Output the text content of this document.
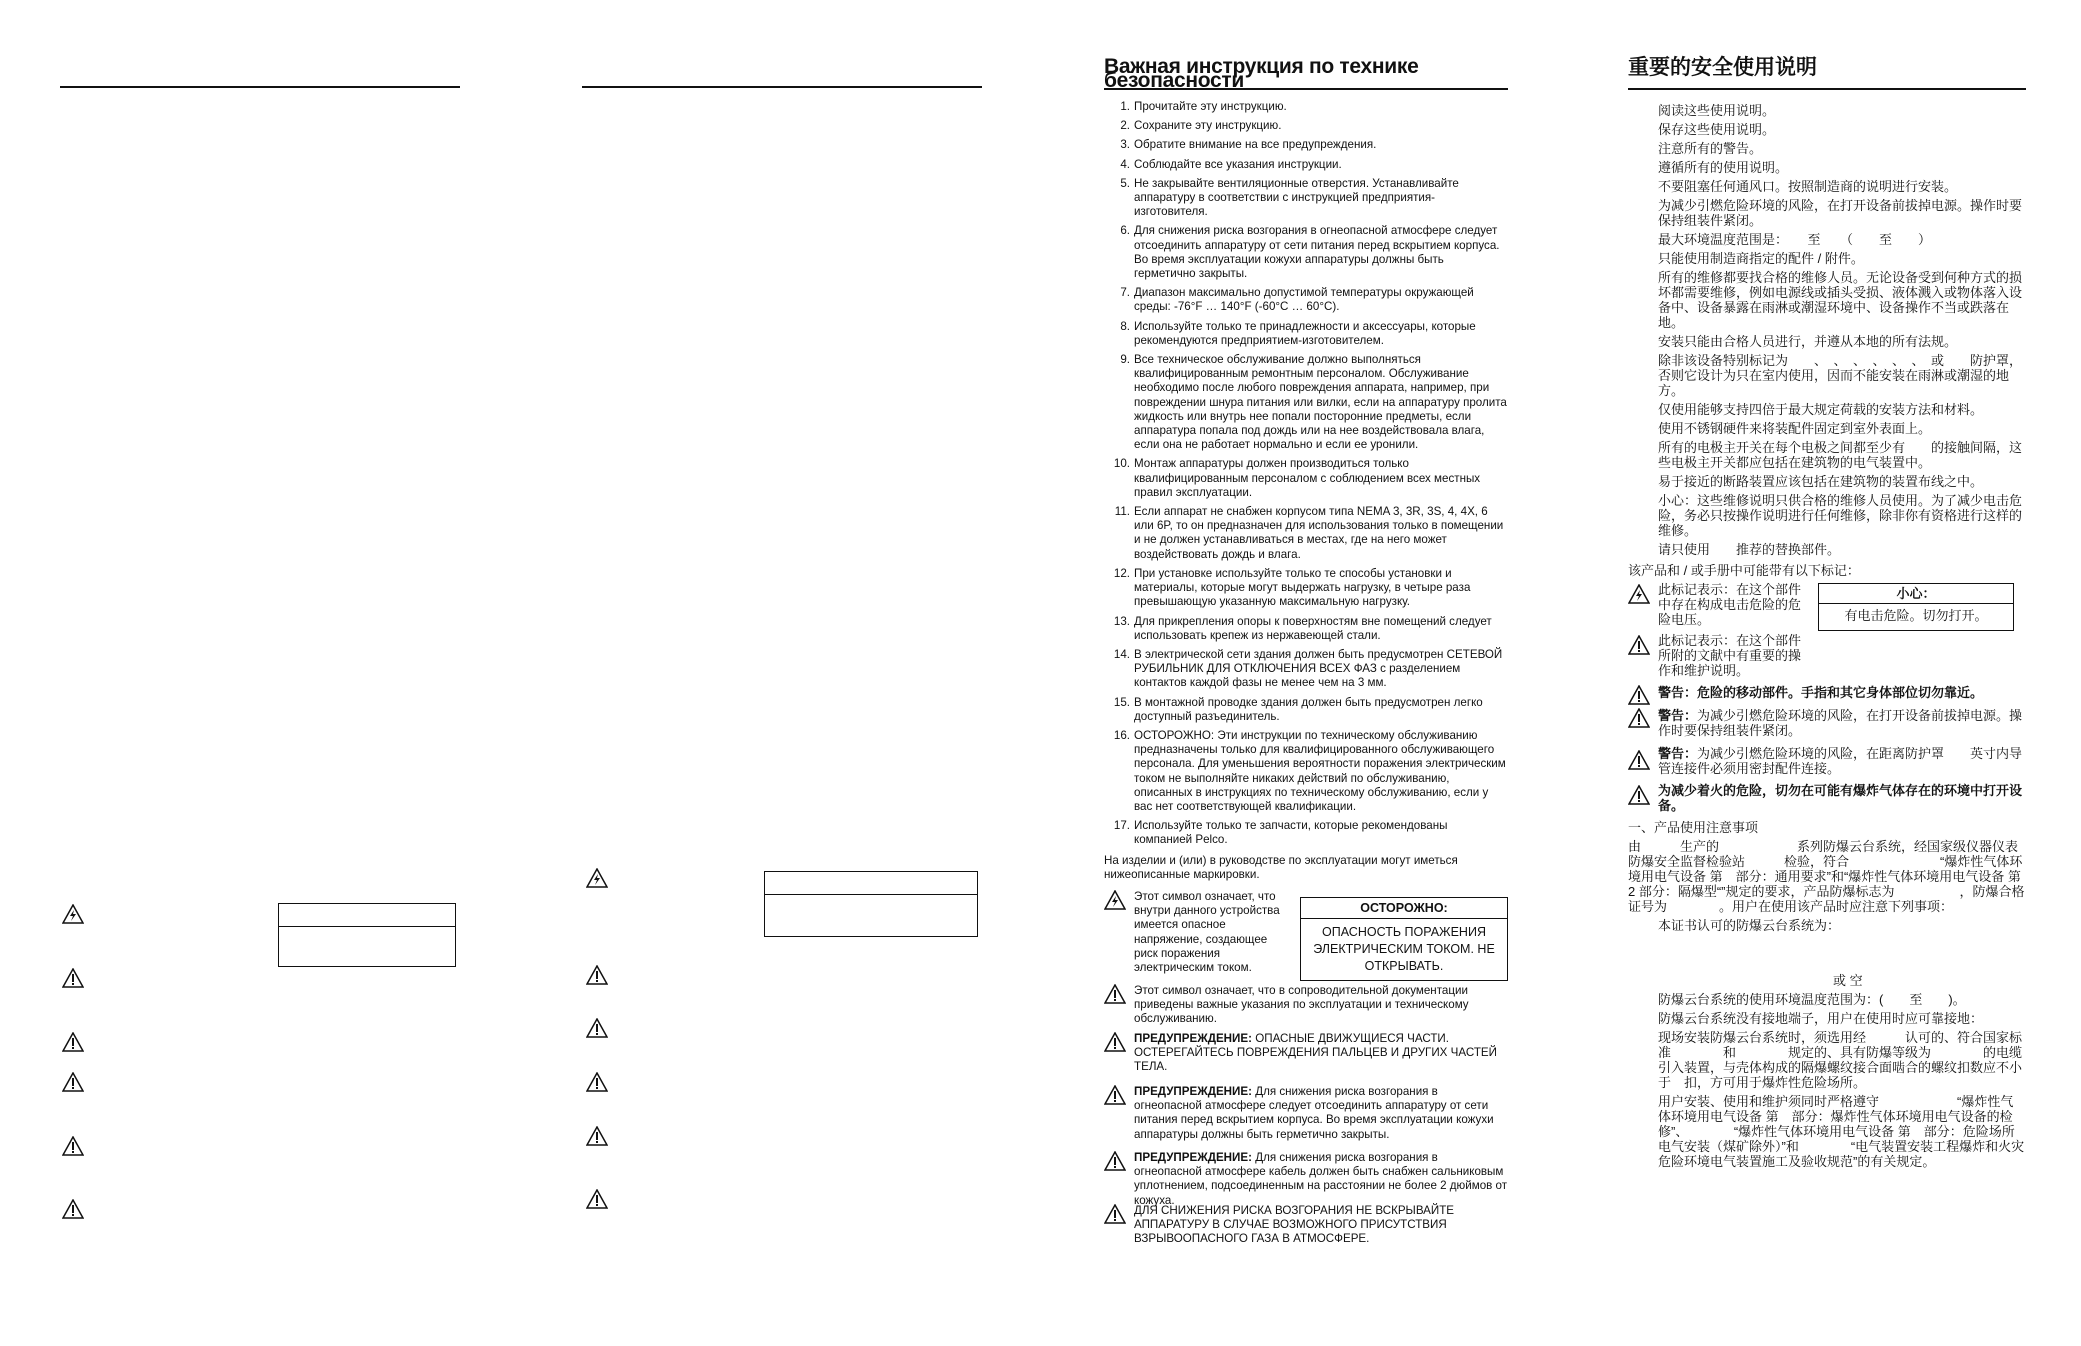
Важная инструкция по технике безопасности
1. Прочитайте эту инструкцию.
2. Сохраните эту инструкцию.
3. Обратите внимание на все предупреждения.
4. Соблюдайте все указания инструкции.
5. Не закрывайте вентиляционные отверстия. Устанавливайте аппаратуру в соответствии с инструкцией предприятия-изготовителя.
6. Для снижения риска возгорания в огнеопасной атмосфере следует отсоединить аппаратуру от сети питания перед вскрытием корпуса. Во время эксплуатации кожухи аппаратуры должны быть герметично закрыты.
7. Диапазон максимально допустимой температуры окружающей среды: -76°F … 140°F (-60°C … 60°C).
8. Используйте только те принадлежности и аксессуары, которые рекомендуются предприятием-изготовителем.
9. Все техническое обслуживание должно выполняться квалифицированным ремонтным персоналом. Обслуживание необходимо после любого повреждения аппарата, например, при повреждении шнура питания или вилки, если на аппаратуру пролита жидкость или внутрь нее попали посторонние предметы, если аппаратура попала под дождь или на нее воздействовала влага, если она не работает нормально и если ее уронили.
10. Монтаж аппаратуры должен производиться только квалифицированным персоналом с соблюдением всех местных правил эксплуатации.
11. Если аппарат не снабжен корпусом типа NEMA 3, 3R, 3S, 4, 4X, 6 или 6P, то он предназначен для использования только в помещении и не должен устанавливаться в местах, где на него может воздействовать дождь и влага.
12. При установке используйте только те способы установки и материалы, которые могут выдержать нагрузку, в четыре раза превышающую указанную максимальную нагрузку.
13. Для прикрепления опоры к поверхностям вне помещений следует использовать крепеж из нержавеющей стали.
14. В электрической сети здания должен быть предусмотрен СЕТЕВОЙ РУБИЛЬНИК ДЛЯ ОТКЛЮЧЕНИЯ ВСЕХ ФАЗ с разделением контактов каждой фазы не менее чем на 3 мм.
15. В монтажной проводке здания должен быть предусмотрен легко доступный разъединитель.
16. ОСТОРОЖНО: Эти инструкции по техническому обслуживанию предназначены только для квалифицированного обслуживающего персонала. Для уменьшения вероятности поражения электрическим током не выполняйте никаких действий по обслуживанию, описанных в инструкциях по техническому обслуживанию, если у вас нет соответствующей квалификации.
17. Используйте только те запчасти, которые рекомендованы компанией Pelco.
На изделии и (или) в руководстве по эксплуатации могут иметься нижеописанные маркировки.
Этот символ означает, что внутри данного устройства имеется опасное напряжение, создающее риск поражения электрическим током.
ОСТОРОЖНО:
ОПАСНОСТЬ ПОРАЖЕНИЯ ЭЛЕКТРИЧЕСКИМ ТОКОМ. НЕ ОТКРЫВАТЬ.
Этот символ означает, что в сопроводительной документации приведены важные указания по эксплуатации и техническому обслуживанию.
ПРЕДУПРЕЖДЕНИЕ: ОПАСНЫЕ ДВИЖУЩИЕСЯ ЧАСТИ. ОСТЕРЕГАЙТЕСЬ ПОВРЕЖДЕНИЯ ПАЛЬЦЕВ И ДРУГИХ ЧАСТЕЙ ТЕЛА.
ПРЕДУПРЕЖДЕНИЕ: Для снижения риска возгорания в огнеопасной атмосфере следует отсоединить аппаратуру от сети питания перед вскрытием корпуса. Во время эксплуатации кожухи аппаратуры должны быть герметично закрыты.
ПРЕДУПРЕЖДЕНИЕ: Для снижения риска возгорания в огнеопасной атмосфере кабель должен быть снабжен сальниковым уплотнением, подсоединенным на расстоянии не более 2 дюймов от кожуха.
ДЛЯ СНИЖЕНИЯ РИСКА ВОЗГОРАНИЯ НЕ ВСКРЫВАЙТЕ АППАРАТУРУ В СЛУЧАЕ ВОЗМОЖНОГО ПРИСУТСТВИЯ ВЗРЫВООПАСНОГО ГАЗА В АТМОСФЕРЕ.
重要的安全使用说明
阅读这些使用说明。
保存这些使用说明。
注意所有的警告。
遵循所有的使用说明。
不要阻塞任何通风口。按照制造商的说明进行安装。
为减少引燃危险环境的风险，在打开设备前拔掉电源。操作时要保持组装件紧闭。
最大环境温度范围是：　　至　　（　　至　　）
只能使用制造商指定的配件 / 附件。
所有的维修都要找合格的维修人员。无论设备受到何种方式的损坏都需要维修，例如电源线或插头受损、液体溅入或物体落入设备中、设备暴露在雨淋或潮湿环境中、设备操作不当或跌落在地。
安装只能由合格人员进行，并遵从本地的所有法规。
除非该设备特别标记为　　、　、　、　、　、　、　或　　防护罩，否则它设计为只在室内使用，因而不能安装在雨淋或潮湿的地方。
仅使用能够支持四倍于最大规定荷载的安装方法和材料。
使用不锈钢硬件来将装配件固定到室外表面上。
所有的电极主开关在每个电极之间都至少有　　的接触间隔，这些电极主开关都应包括在建筑物的电气装置中。
易于接近的断路装置应该包括在建筑物的装置布线之中。
小心：这些维修说明只供合格的维修人员使用。为了减少电击危险，务必只按操作说明进行任何维修，除非你有资格进行这样的维修。
请只使用　　推荐的替换部件。
该产品和 / 或手册中可能带有以下标记：
此标记表示：在这个部件中存在构成电击危险的危险电压。
小心：
有电击危险。切勿打开。
此标记表示：在这个部件所附的文献中有重要的操作和维护说明。
警告：危险的移动部件。手指和其它身体部位切勿靠近。
警告：为减少引燃危险环境的风险，在打开设备前拔掉电源。操作时要保持组装件紧闭。
警告：为减少引燃危险环境的风险，在距离防护罩　　英寸内导管连接件必须用密封配件连接。
为减少着火的危险，切勿在可能有爆炸气体存在的环境中打开设备。

一、产品使用注意事项

由　　　生产的　　　　　　系列防爆云台系统，经国家级仪器仪表防爆安全监督检验站　　　检验，符合　　　　　　　“爆炸性气体环境用电气设备 第　部分：通用要求”和“爆炸性气体环境用电气设备 第 2 部分：隔爆型“”规定的要求，产品防爆标志为　　　　　，防爆合格证号为　　　　。用户在使用该产品时应注意下列事项：

本证书认可的防爆云台系统为：

或 空

防爆云台系统的使用环境温度范围为：(　　至　　)。

防爆云台系统没有接地端子，用户在使用时应可靠接地：

现场安装防爆云台系统时，须选用经　　　认可的、符合国家标准　　　　和　　　　规定的、具有防爆等级为　　　　的电缆引入装置，与壳体构成的隔爆螺纹接合面啮合的螺纹扣数应不小于　扣，方可用于爆炸性危险场所。

用户安装、使用和维护须同时严格遵守　　　　　　“爆炸性气体环境用电气设备 第　部分：爆炸性气体环境用电气设备的检修”、　　　　“爆炸性气体环境用电气设备 第　部分：危险场所电气安装（煤矿除外）”和　　　　“电气装置安装工程爆炸和火灾危险环境电气装置施工及验收规范”的有关规定。
